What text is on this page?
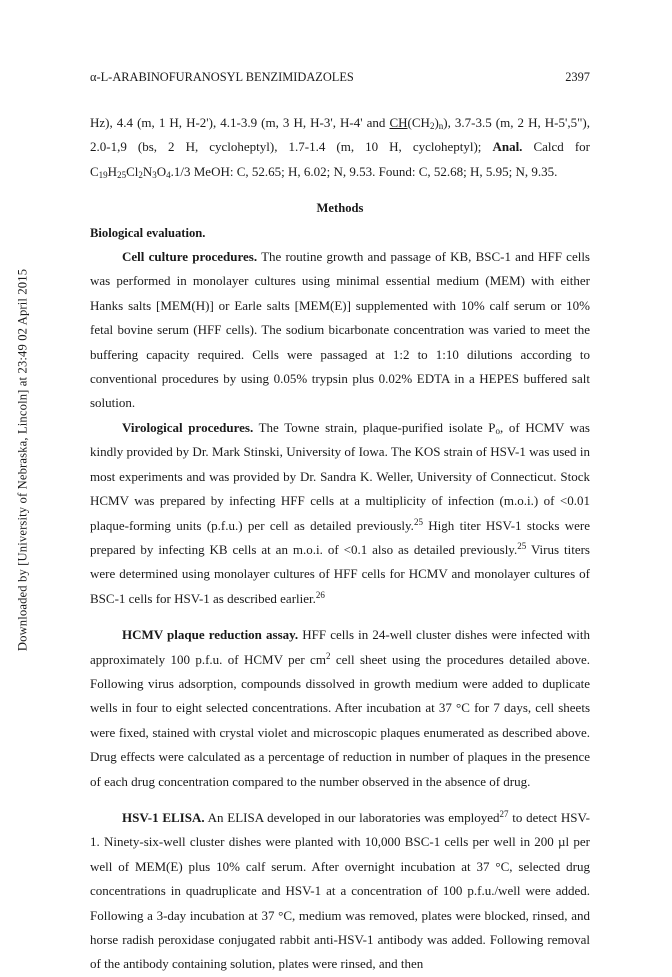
Downloaded by [University of Nebraska, Lincoln] at 23:49 02 April 2015
α-L-ARABINOFURANOSYL BENZIMIDAZOLES	2397

Hz), 4.4 (m, 1 H, H-2'), 4.1-3.9 (m, 3 H, H-3', H-4' and $CH(CH_2)_n$), 3.7-3.5 (m, 2 H, H-5',5"), 2.0-1,9 (bs, 2 H, cycloheptyl), 1.7-1.4 (m, 10 H, cycloheptyl); Anal. Calcd for $C_{19}H_{25}Cl_2N_3O_4.1/3$ MeOH: C, 52.65; H, 6.02; N, 9.53. Found: C, 52.68; H, 5.95; N, 9.35.

Methods

Biological evaluation.

Cell culture procedures. The routine growth and passage of KB, BSC-1 and HFF cells was performed in monolayer cultures using minimal essential medium (MEM) with either Hanks salts [MEM(H)] or Earle salts [MEM(E)] supplemented with 10% calf serum or 10% fetal bovine serum (HFF cells). The sodium bicarbonate concentration was varied to meet the buffering capacity required. Cells were passaged at 1:2 to 1:10 dilutions according to conventional procedures by using 0.05% trypsin plus 0.02% EDTA in a HEPES buffered salt solution.

Virological procedures. The Towne strain, plaque-purified isolate $P_o$, of HCMV was kindly provided by Dr. Mark Stinski, University of Iowa. The KOS strain of HSV-1 was used in most experiments and was provided by Dr. Sandra K. Weller, University of Connecticut. Stock HCMV was prepared by infecting HFF cells at a multiplicity of infection (m.o.i.) of <0.01 plaque-forming units (p.f.u.) per cell as detailed previously.$^{25}$ High titer HSV-1 stocks were prepared by infecting KB cells at an m.o.i. of <0.1 also as detailed previously.$^{25}$ Virus titers were determined using monolayer cultures of HFF cells for HCMV and monolayer cultures of BSC-1 cells for HSV-1 as described earlier.$^{26}$

HCMV plaque reduction assay. HFF cells in 24-well cluster dishes were infected with approximately 100 p.f.u. of HCMV per $cm^2$ cell sheet using the procedures detailed above. Following virus adsorption, compounds dissolved in growth medium were added to duplicate wells in four to eight selected concentrations. After incubation at 37 °C for 7 days, cell sheets were fixed, stained with crystal violet and microscopic plaques enumerated as described above. Drug effects were calculated as a percentage of reduction in number of plaques in the presence of each drug concentration compared to the number observed in the absence of drug.

HSV-1 ELISA. An ELISA developed in our laboratories was employed$^{27}$ to detect HSV-1. Ninety-six-well cluster dishes were planted with 10,000 BSC-1 cells per well in 200 µl per well of MEM(E) plus 10% calf serum. After overnight incubation at 37 °C, selected drug concentrations in quadruplicate and HSV-1 at a concentration of 100 p.f.u./well were added. Following a 3-day incubation at 37 °C, medium was removed, plates were blocked, rinsed, and horse radish peroxidase conjugated rabbit anti-HSV-1 antibody was added. Following removal of the antibody containing solution, plates were rinsed, and then
